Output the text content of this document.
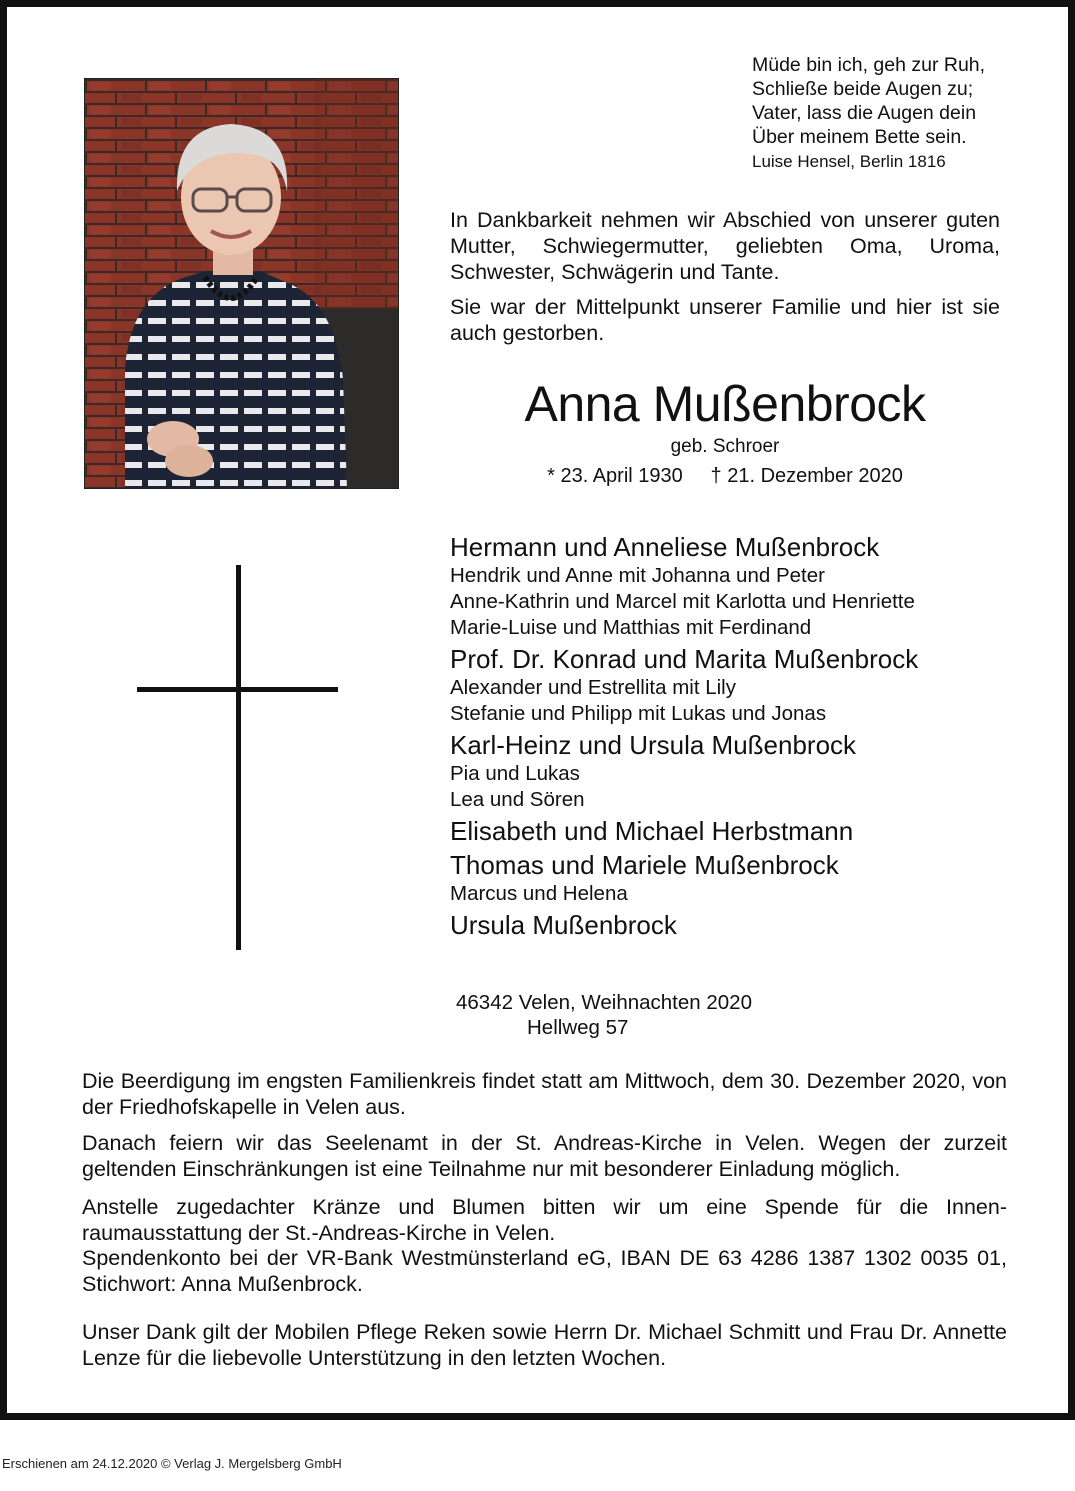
Müde bin ich, geh zur Ruh,
Schließe beide Augen zu;
Vater, lass die Augen dein
Über meinem Bette sein.
Luise Hensel, Berlin 1816

In Dankbarkeit nehmen wir Abschied von unserer guten Mutter, Schwiegermutter, geliebten Oma, Uroma, Schwester, Schwägerin und Tante.

Sie war der Mittelpunkt unserer Familie und hier ist sie auch gestorben.

Anna Mußenbrock
geb. Schroer
* 23. April 1930     † 21. Dezember 2020
Hermann und Anneliese Mußenbrock
Hendrik und Anne mit Johanna und Peter
Anne-Kathrin und Marcel mit Karlotta und Henriette
Marie-Luise und Matthias mit Ferdinand
Prof. Dr. Konrad und Marita Mußenbrock
Alexander und Estrellita mit Lily
Stefanie und Philipp mit Lukas und Jonas
Karl-Heinz und Ursula Mußenbrock
Pia und Lukas
Lea und Sören
Elisabeth und Michael Herbstmann
Thomas und Mariele Mußenbrock
Marcus und Helena
Ursula Mußenbrock
46342 Velen, Weihnachten 2020
Hellweg 57

Die Beerdigung im engsten Familienkreis findet statt am Mittwoch, dem 30. Dezember 2020, von der Friedhofskapelle in Velen aus.

Danach feiern wir das Seelenamt in der St. Andreas-Kirche in Velen. Wegen der zurzeit geltenden Einschränkungen ist eine Teilnahme nur mit besonderer Einladung möglich.

Anstelle zugedachter Kränze und Blumen bitten wir um eine Spende für die Innen-raumausstattung der St.-Andreas-Kirche in Velen.

Spendenkonto bei der VR-Bank Westmünsterland eG, IBAN DE 63 4286 1387 1302 0035 01, Stichwort: Anna Mußenbrock.

Unser Dank gilt der Mobilen Pflege Reken sowie Herrn Dr. Michael Schmitt und Frau Dr. Annette Lenze für die liebevolle Unterstützung in den letzten Wochen.

Erschienen am 24.12.2020 © Verlag J. Mergelsberg GmbH
